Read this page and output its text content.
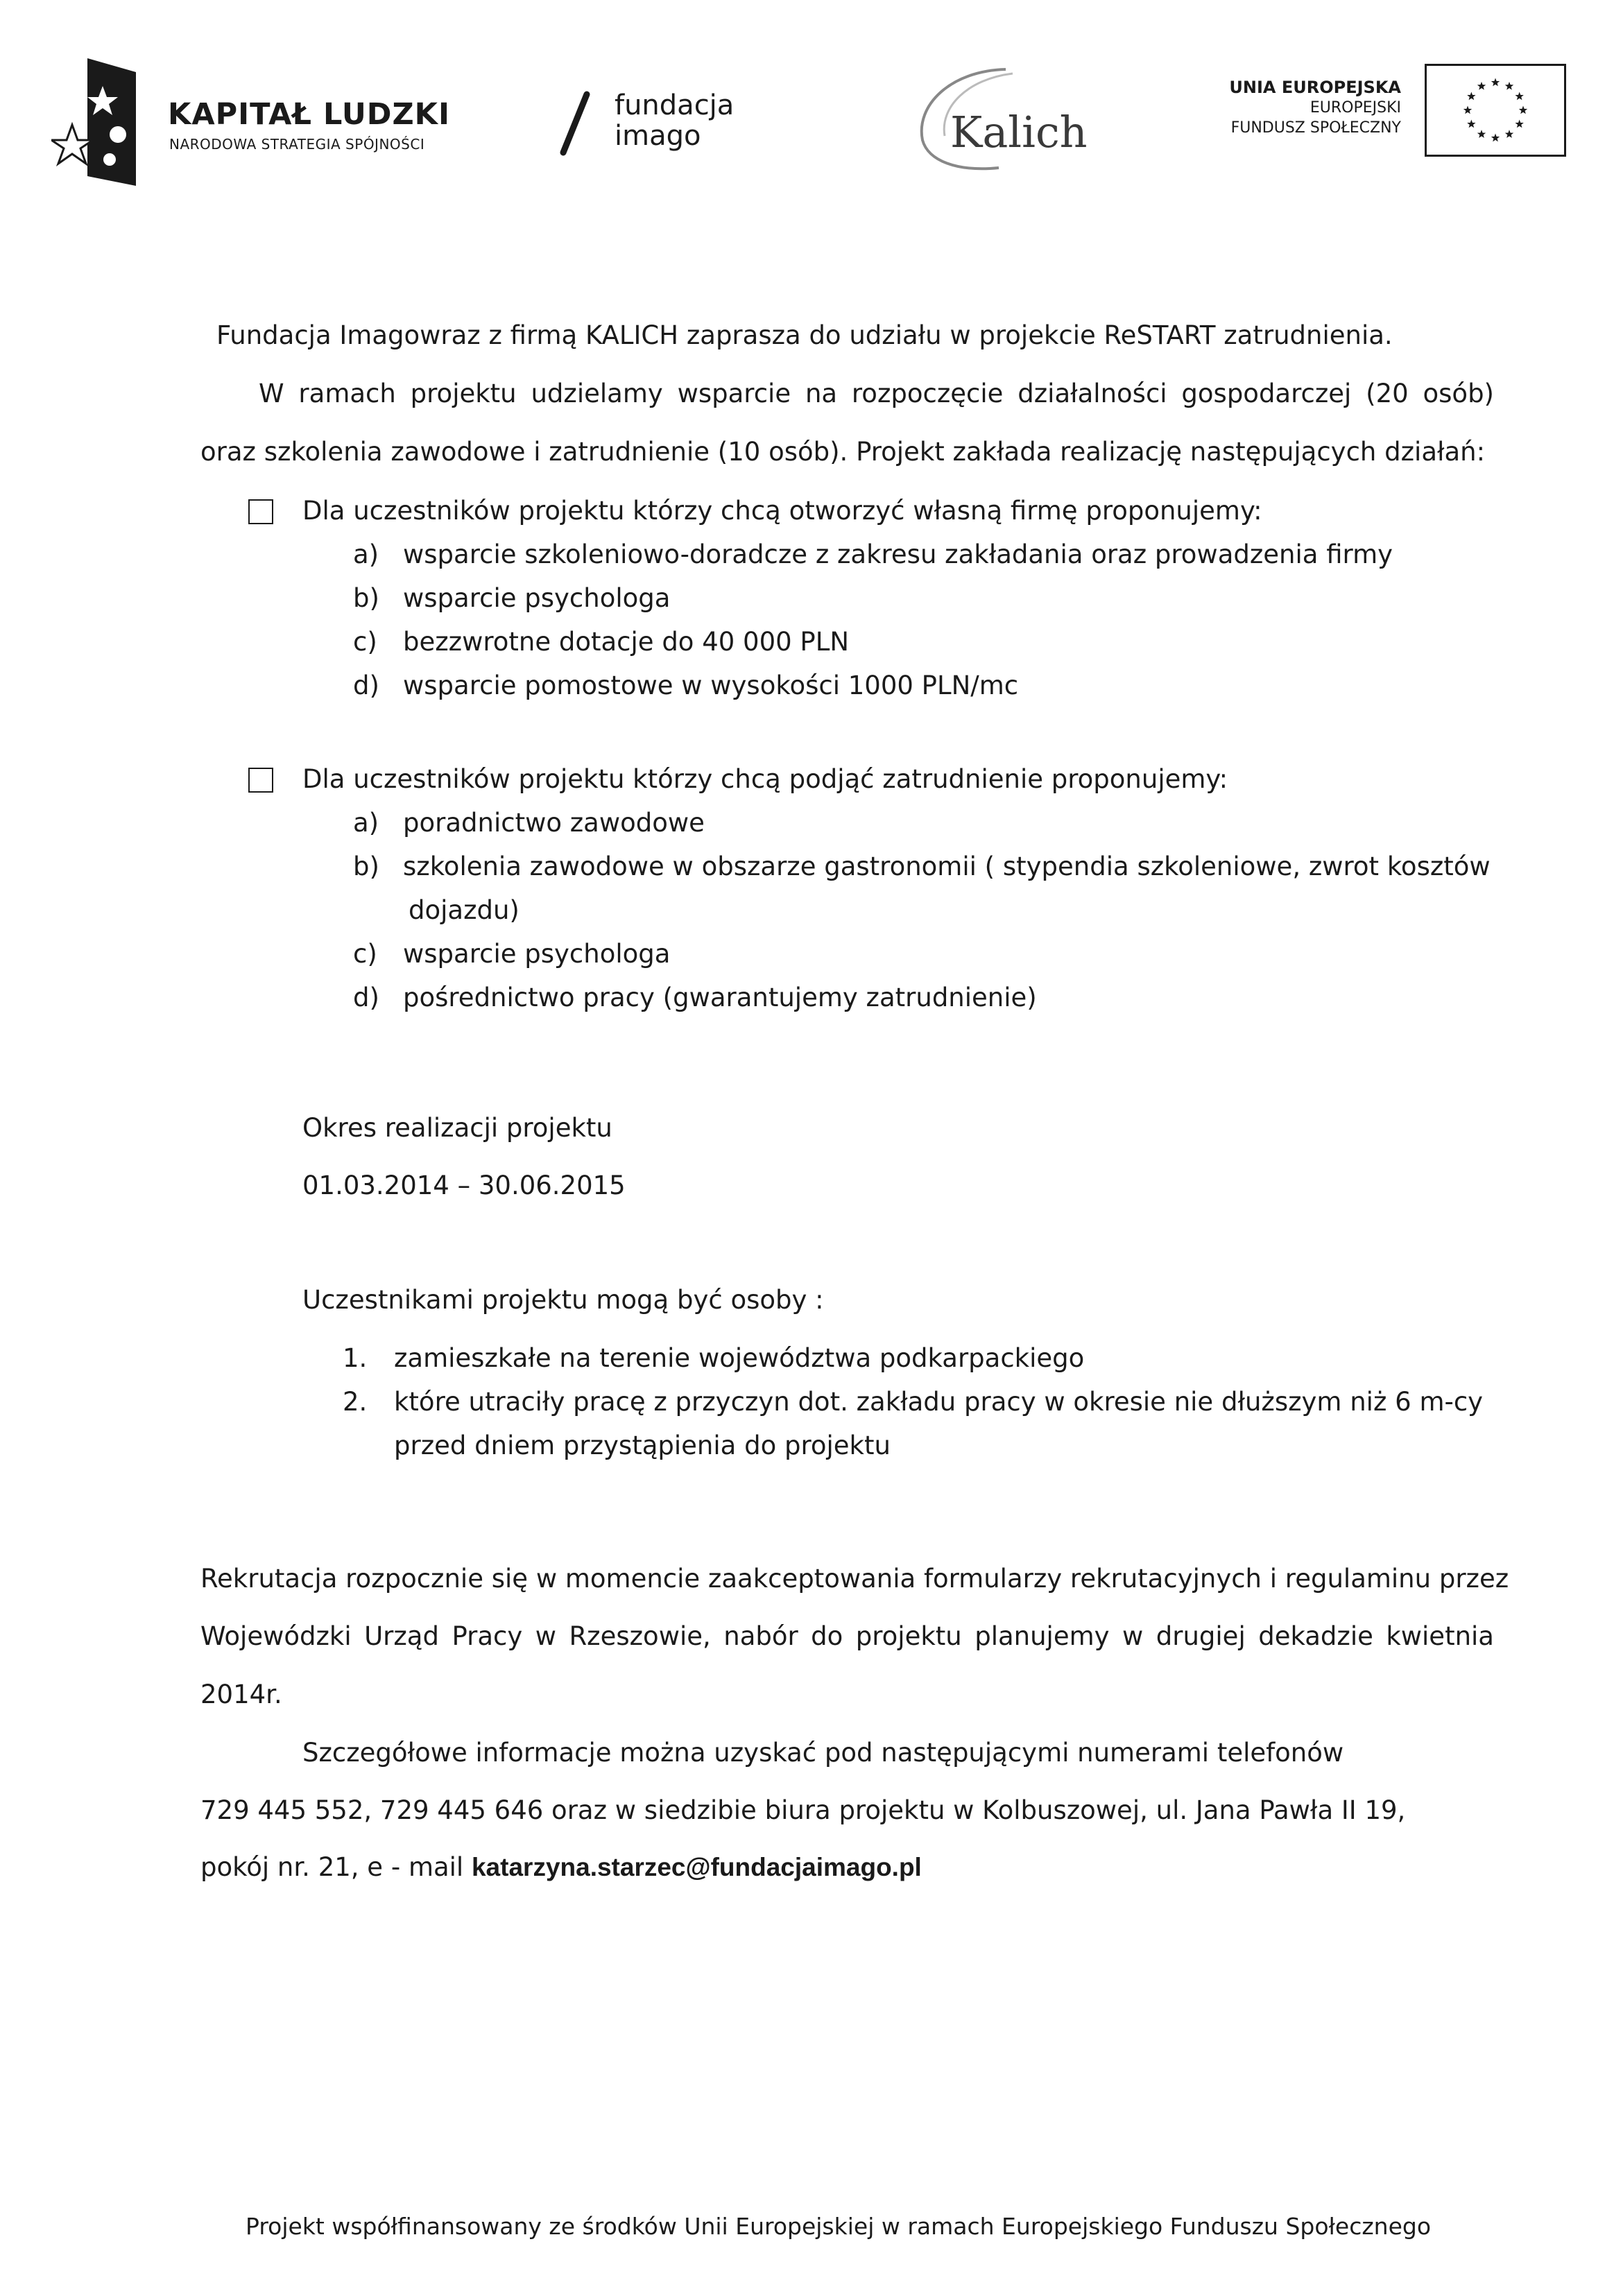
KAPITAŁ LUDZKI
NARODOWA STRATEGIA SPÓJNOŚCI
fundacja
imago	Kalich
UNIA EUROPEJSKA
EUROPEJSKI
FUNDUSZ SPOŁECZNY
Fundacja Imagowraz z firmą KALICH zaprasza do udziału w projekcie ReSTART zatrudnienia.
W ramach projektu udzielamy wsparcie na rozpoczęcie działalności gospodarczej (20 osób)
oraz szkolenia zawodowe i zatrudnienie (10 osób). Projekt zakłada realizację następujących działań:
Dla uczestników projektu którzy chcą otworzyć własną firmę proponujemy:
a) wsparcie szkoleniowo-doradcze z zakresu zakładania oraz prowadzenia firmy
b) wsparcie psychologa
c) bezzwrotne dotacje do 40 000 PLN
d) wsparcie pomostowe w wysokości 1000 PLN/mc
Dla uczestników projektu którzy chcą podjąć zatrudnienie proponujemy:
a) poradnictwo zawodowe
b) szkolenia zawodowe w obszarze gastronomii ( stypendia szkoleniowe, zwrot kosztów
dojazdu)
c) wsparcie psychologa
d) pośrednictwo pracy (gwarantujemy zatrudnienie)
Okres realizacji projektu
01.03.2014 – 30.06.2015
Uczestnikami projektu mogą być osoby :
1. zamieszkałe na terenie województwa podkarpackiego
2. które utraciły pracę z przyczyn dot. zakładu pracy w okresie nie dłuższym niż 6 m-cy
przed dniem przystąpienia do projektu
Rekrutacja rozpocznie się w momencie zaakceptowania formularzy rekrutacyjnych i regulaminu przez
Wojewódzki Urząd Pracy w Rzeszowie, nabór do projektu planujemy w drugiej dekadzie kwietnia
2014r.
Szczegółowe informacje można uzyskać pod następującymi numerami telefonów
729 445 552, 729 445 646 oraz w siedzibie biura projektu w Kolbuszowej, ul. Jana Pawła II 19,
pokój nr. 21, e - mail katarzyna.starzec@fundacjaimago.pl
Projekt współfinansowany ze środków Unii Europejskiej w ramach Europejskiego Funduszu Społecznego
